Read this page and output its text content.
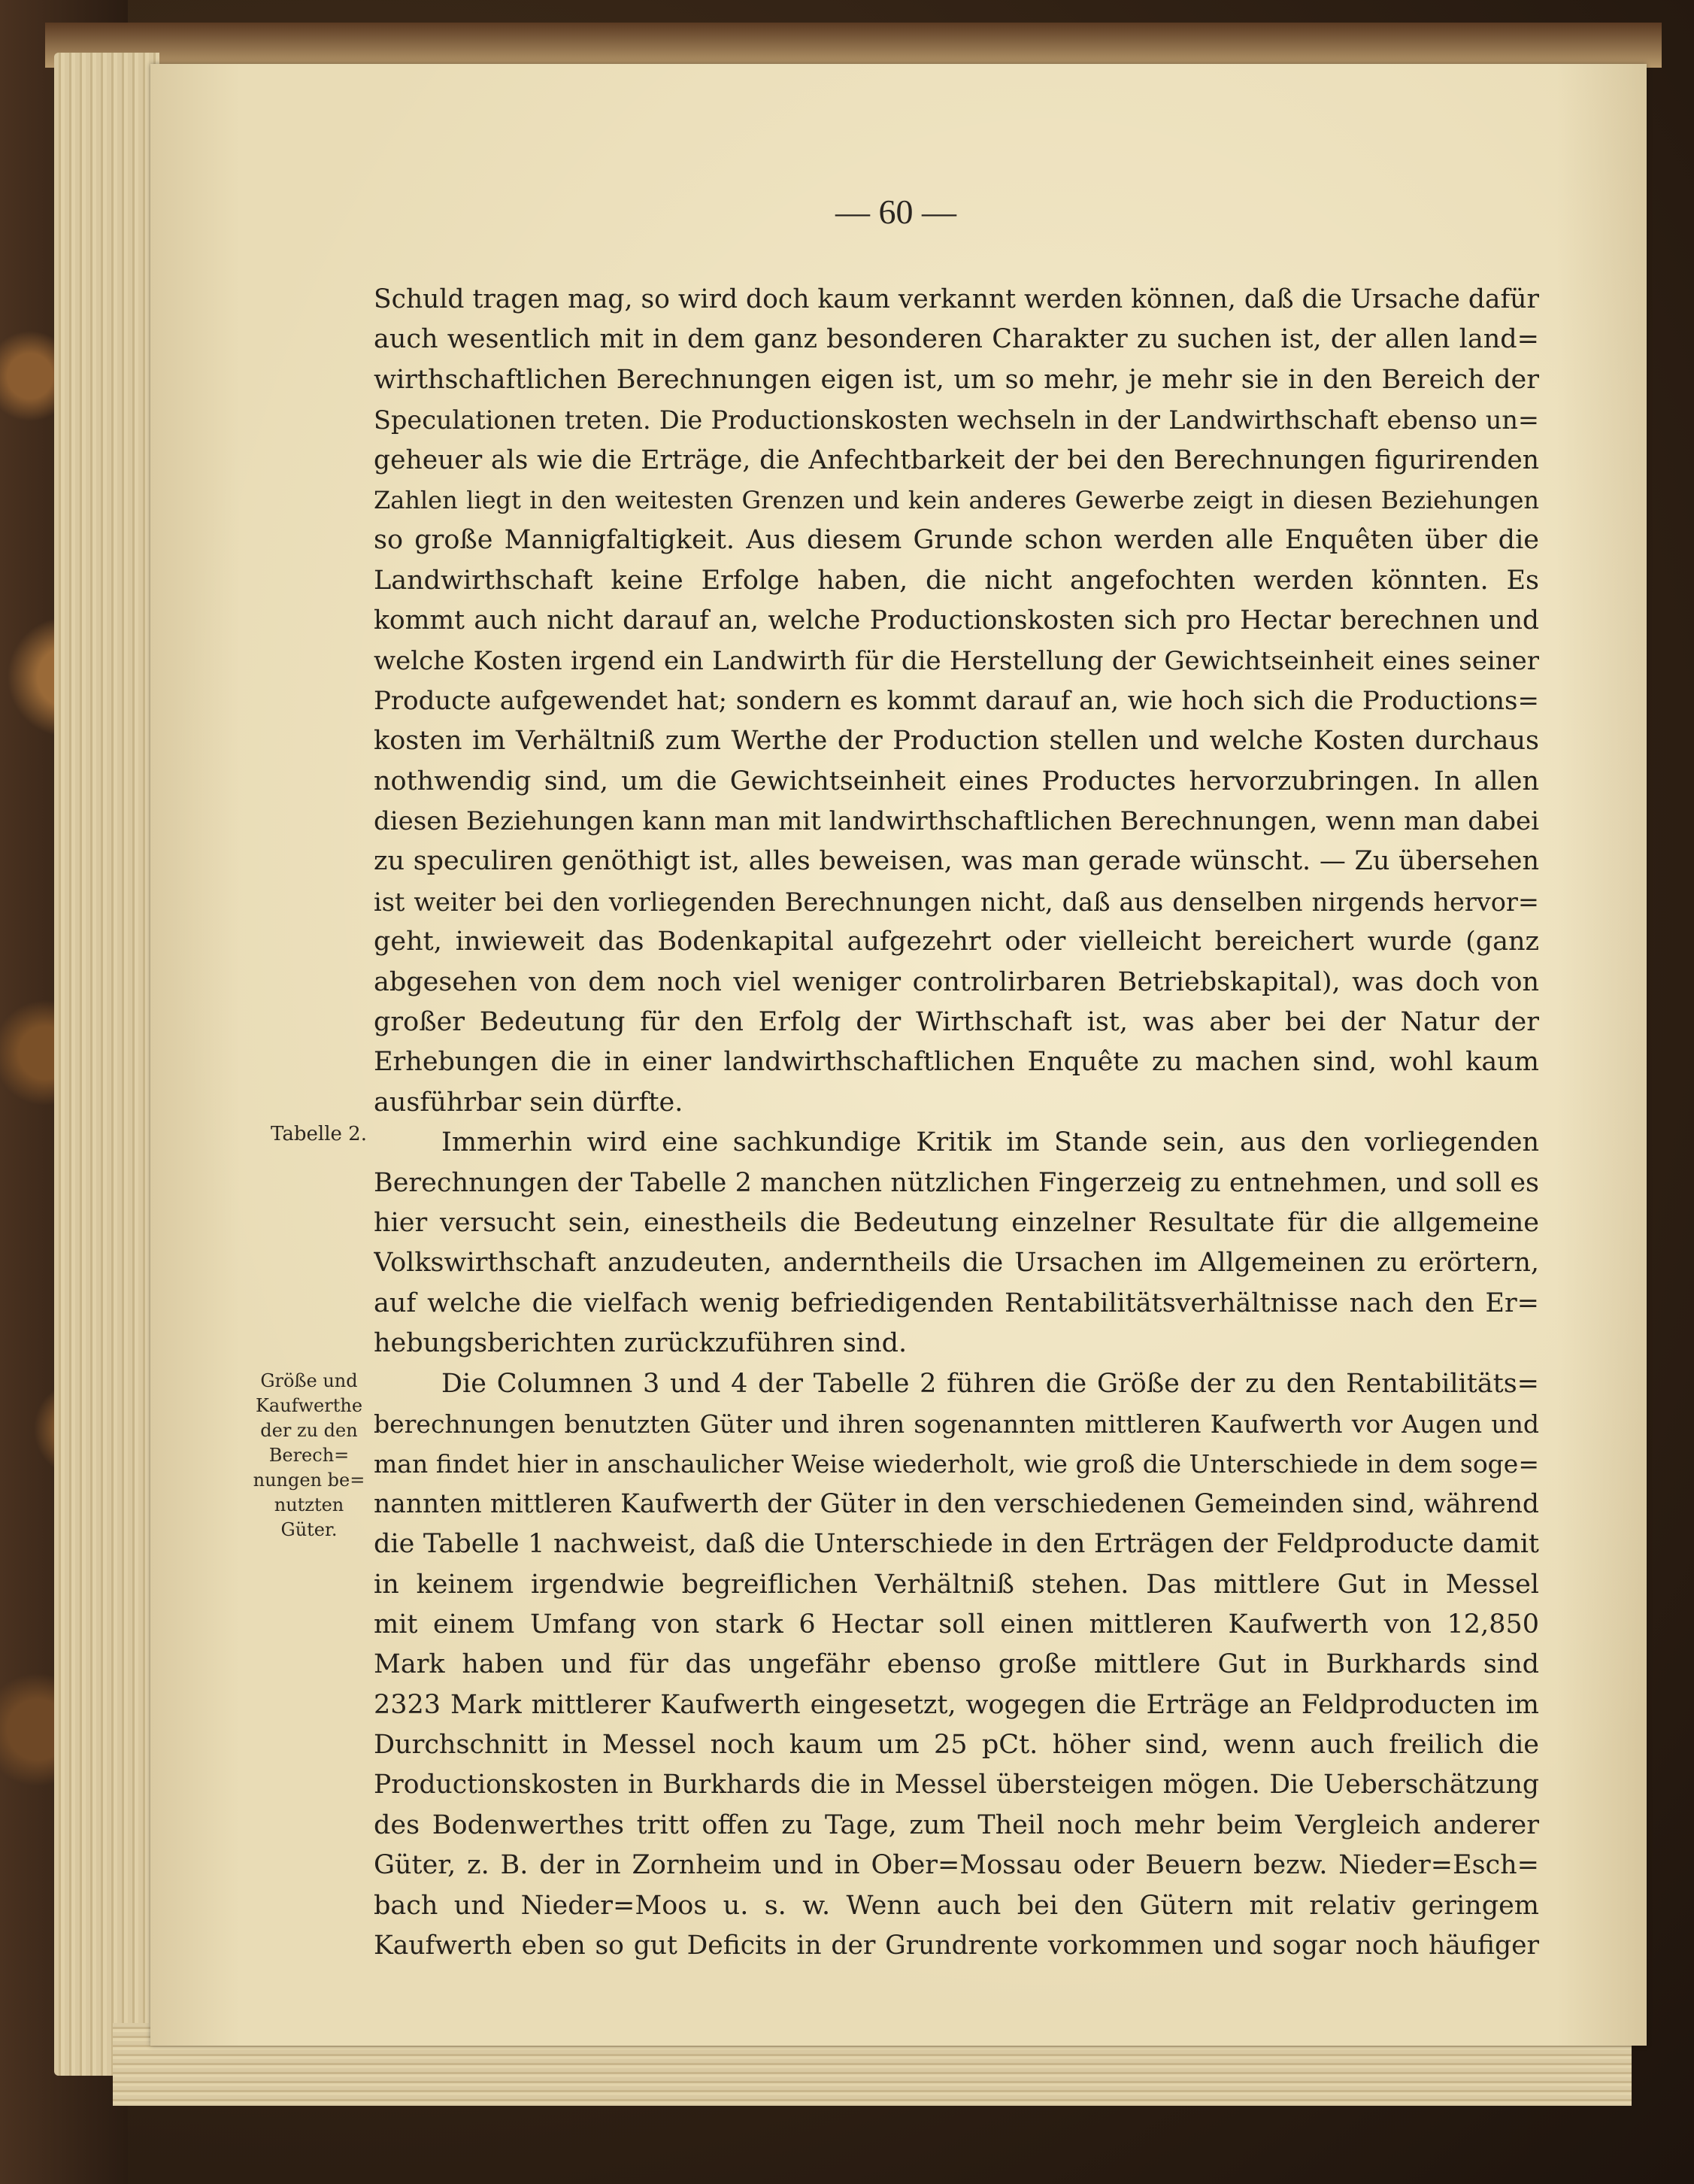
— 60 —
Tabelle 2.
Größe und
Kaufwerthe
der zu den
Berech=
nungen be=
nutzten
Güter.
Schuld tragen mag, so wird doch kaum verkannt werden können, daß die Ursache dafür
auch wesentlich mit in dem ganz besonderen Charakter zu suchen ist, der allen land=
wirthschaftlichen Berechnungen eigen ist, um so mehr, je mehr sie in den Bereich der
Speculationen treten. Die Productionskosten wechseln in der Landwirthschaft ebenso un=
geheuer als wie die Erträge, die Anfechtbarkeit der bei den Berechnungen figurirenden
Zahlen liegt in den weitesten Grenzen und kein anderes Gewerbe zeigt in diesen Beziehungen
so große Mannigfaltigkeit. Aus diesem Grunde schon werden alle Enquêten über die
Landwirthschaft keine Erfolge haben, die nicht angefochten werden könnten. Es
kommt auch nicht darauf an, welche Productionskosten sich pro Hectar berechnen und
welche Kosten irgend ein Landwirth für die Herstellung der Gewichtseinheit eines seiner
Producte aufgewendet hat; sondern es kommt darauf an, wie hoch sich die Productions=
kosten im Verhältniß zum Werthe der Production stellen und welche Kosten durchaus
nothwendig sind, um die Gewichtseinheit eines Productes hervorzubringen. In allen
diesen Beziehungen kann man mit landwirthschaftlichen Berechnungen, wenn man dabei
zu speculiren genöthigt ist, alles beweisen, was man gerade wünscht. — Zu übersehen
ist weiter bei den vorliegenden Berechnungen nicht, daß aus denselben nirgends hervor=
geht, inwieweit das Bodenkapital aufgezehrt oder vielleicht bereichert wurde (ganz
abgesehen von dem noch viel weniger controlirbaren Betriebskapital), was doch von
großer Bedeutung für den Erfolg der Wirthschaft ist, was aber bei der Natur der
Erhebungen die in einer landwirthschaftlichen Enquête zu machen sind, wohl kaum
ausführbar sein dürfte.
Immerhin wird eine sachkundige Kritik im Stande sein, aus den vorliegenden
Berechnungen der Tabelle 2 manchen nützlichen Fingerzeig zu entnehmen, und soll es
hier versucht sein, einestheils die Bedeutung einzelner Resultate für die allgemeine
Volkswirthschaft anzudeuten, anderntheils die Ursachen im Allgemeinen zu erörtern,
auf welche die vielfach wenig befriedigenden Rentabilitätsverhältnisse nach den Er=
hebungsberichten zurückzuführen sind.
Die Columnen 3 und 4 der Tabelle 2 führen die Größe der zu den Rentabilitäts=
berechnungen benutzten Güter und ihren sogenannten mittleren Kaufwerth vor Augen und
man findet hier in anschaulicher Weise wiederholt, wie groß die Unterschiede in dem soge=
nannten mittleren Kaufwerth der Güter in den verschiedenen Gemeinden sind, während
die Tabelle 1 nachweist, daß die Unterschiede in den Erträgen der Feldproducte damit
in keinem irgendwie begreiflichen Verhältniß stehen. Das mittlere Gut in Messel
mit einem Umfang von stark 6 Hectar soll einen mittleren Kaufwerth von 12,850
Mark haben und für das ungefähr ebenso große mittlere Gut in Burkhards sind
2323 Mark mittlerer Kaufwerth eingesetzt, wogegen die Erträge an Feldproducten im
Durchschnitt in Messel noch kaum um 25 pCt. höher sind, wenn auch freilich die
Productionskosten in Burkhards die in Messel übersteigen mögen. Die Ueberschätzung
des Bodenwerthes tritt offen zu Tage, zum Theil noch mehr beim Vergleich anderer
Güter, z. B. der in Zornheim und in Ober=Mossau oder Beuern bezw. Nieder=Esch=
bach und Nieder=Moos u. s. w. Wenn auch bei den Gütern mit relativ geringem
Kaufwerth eben so gut Deficits in der Grundrente vorkommen und sogar noch häufiger
